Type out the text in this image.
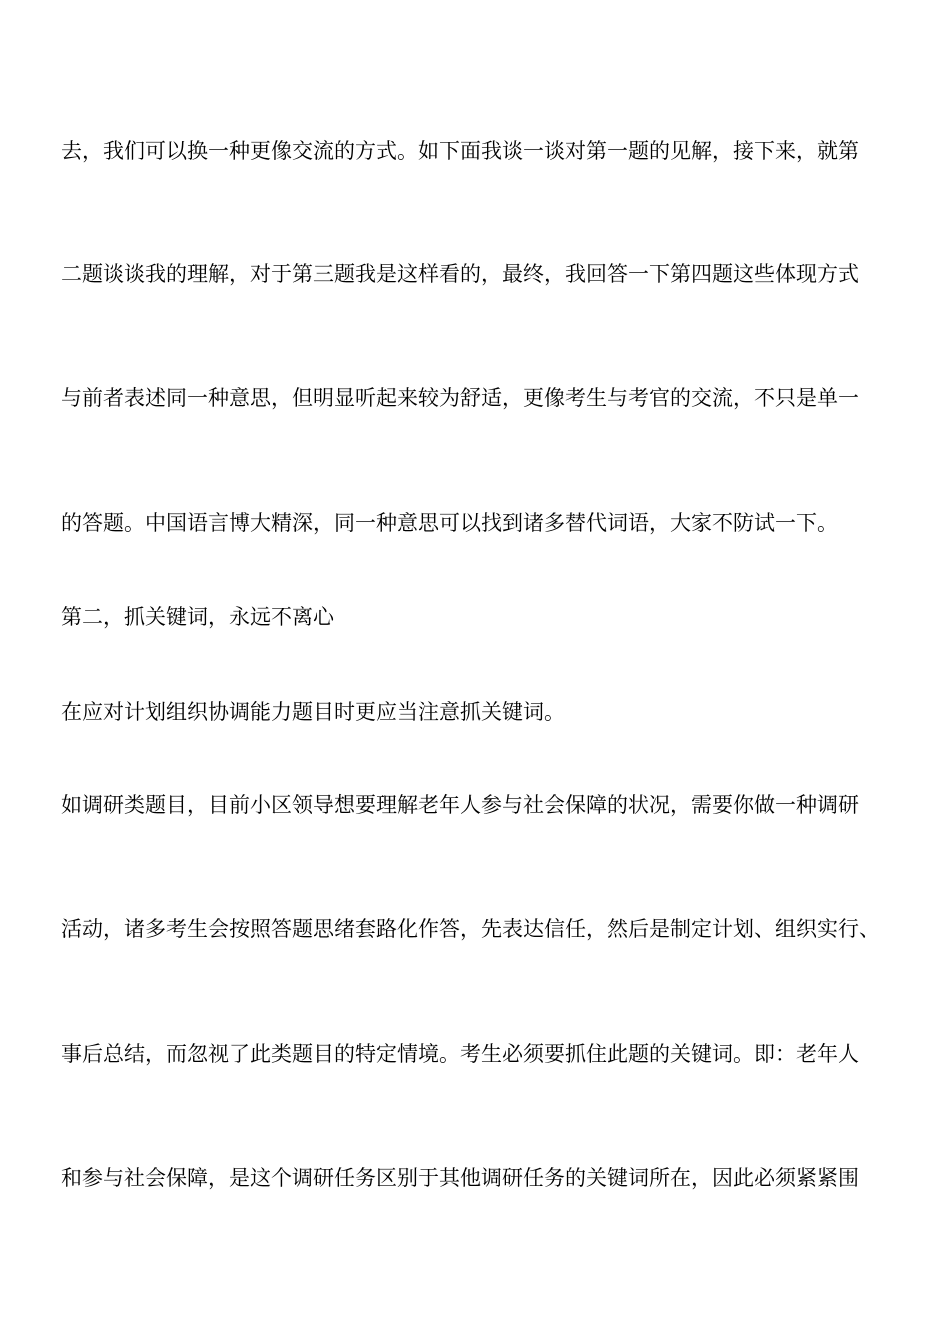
去，我们可以换一种更像交流的方式。如下面我谈一谈对第一题的见解，接下来，就第
二题谈谈我的理解，对于第三题我是这样看的，最终，我回答一下第四题这些体现方式
与前者表述同一种意思，但明显听起来较为舒适，更像考生与考官的交流，不只是单一
的答题。中国语言博大精深，同一种意思可以找到诸多替代词语，大家不防试一下。
第二，抓关键词，永远不离心
在应对计划组织协调能力题目时更应当注意抓关键词。
如调研类题目，目前小区领导想要理解老年人参与社会保障的状况，需要你做一种调研
活动，诸多考生会按照答题思绪套路化作答，先表达信任，然后是制定计划、组织实行、
事后总结，而忽视了此类题目的特定情境。考生必须要抓住此题的关键词。即：老年人
和参与社会保障，是这个调研任务区别于其他调研任务的关键词所在，因此必须紧紧围
